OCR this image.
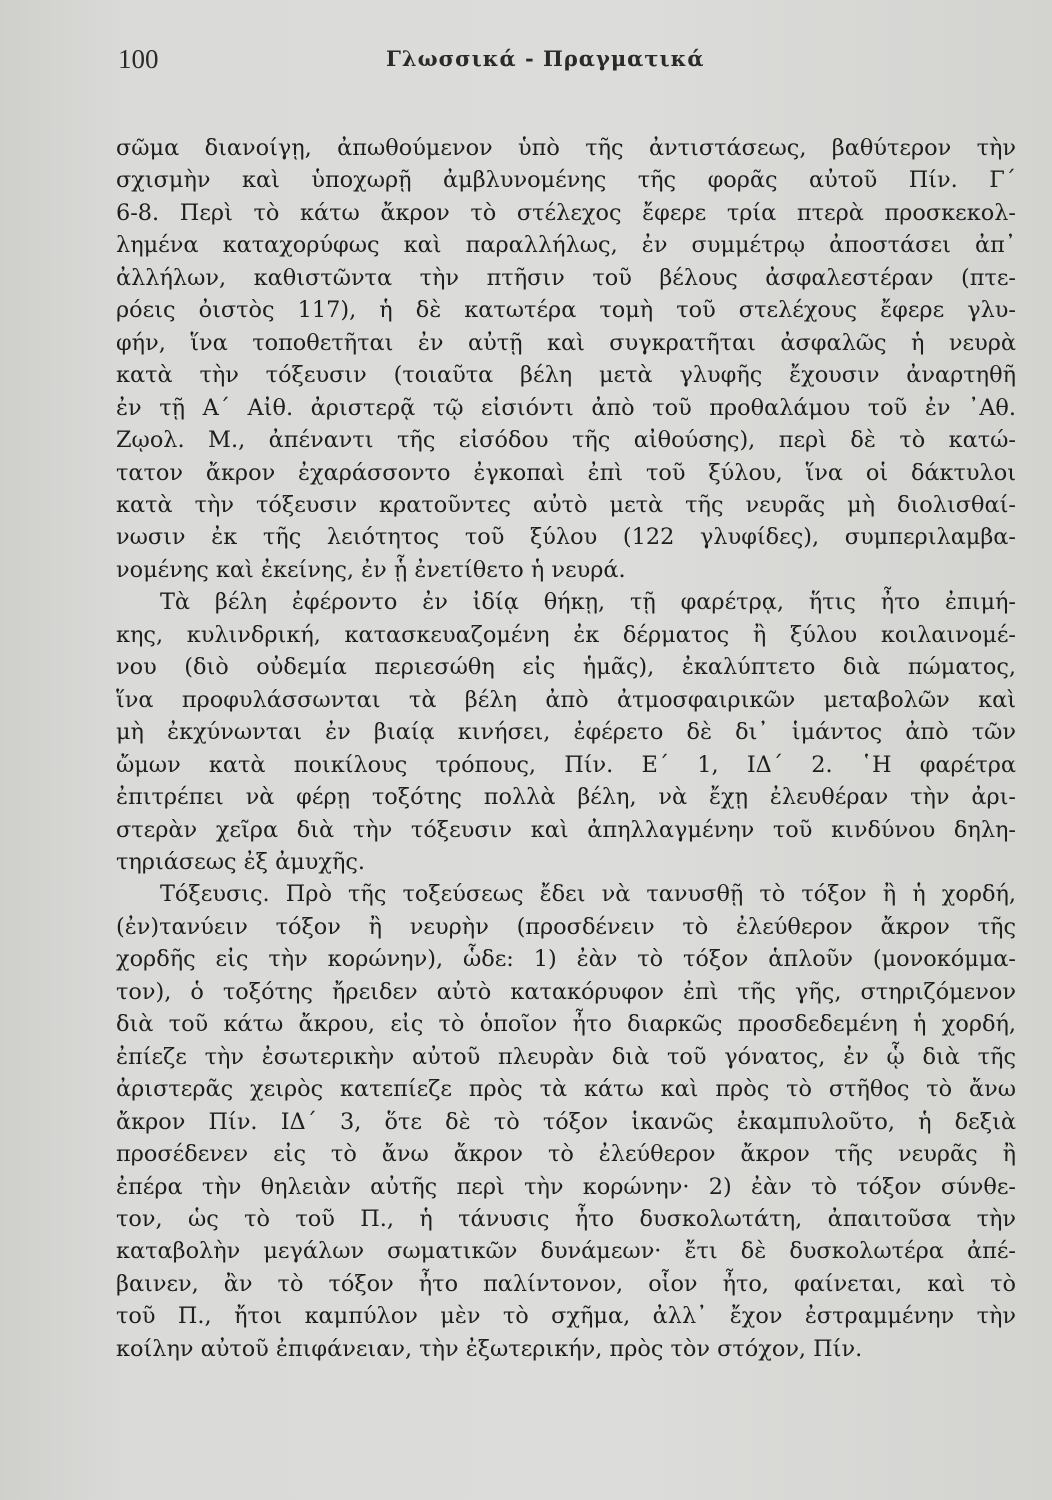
100	Γλωσσικά - Πραγματικά
σῶμα διανοίγῃ, ἀπωθούμενον ὑπὸ τῆς ἀντιστάσεως, βαθύτερον τὴν
σχισμὴν καὶ ὑποχωρῇ ἀμβλυνομένης τῆς φορᾶς αὐτοῦ Πίν. Γ΄
6-8. Περὶ τὸ κάτω ἄκρον τὸ στέλεχος ἔφερε τρία πτερὰ προσκεκολ-
λημένα καταχορύφως καὶ παραλλήλως, ἐν συμμέτρῳ ἀποστάσει ἀπ᾽
ἀλλήλων, καθιστῶντα τὴν πτῆσιν τοῦ βέλους ἀσφαλεστέραν (πτε-
ρόεις ὀιστὸς 117), ἡ δὲ κατωτέρα τομὴ τοῦ στελέχους ἔφερε γλυ-
φήν, ἵνα τοποθετῆται ἐν αὐτῇ καὶ συγκρατῆται ἀσφαλῶς ἡ νευρὰ
κατὰ τὴν τόξευσιν (τοιαῦτα βέλη μετὰ γλυφῆς ἔχουσιν ἀναρτηθῆ
ἐν τῇ Α΄ Αἰθ. ἀριστερᾷ τῷ εἰσιόντι ἀπὸ τοῦ προθαλάμου τοῦ ἐν ᾽Αθ.
Ζῳολ. Μ., ἀπέναντι τῆς εἰσόδου τῆς αἰθούσης), περὶ δὲ τὸ κατώ-
τατον ἄκρον ἐχαράσσοντο ἐγκοπαὶ ἐπὶ τοῦ ξύλου, ἵνα οἱ δάκτυλοι
κατὰ τὴν τόξευσιν κρατοῦντες αὐτὸ μετὰ τῆς νευρᾶς μὴ διολισθαί-
νωσιν ἐκ τῆς λειότητος τοῦ ξύλου (122 γλυφίδες), συμπεριλαμβα-
νομένης καὶ ἐκείνης, ἐν ᾗ ἐνετίθετο ἡ νευρά.
Τὰ βέλη ἐφέροντο ἐν ἰδίᾳ θήκῃ, τῇ φαρέτρᾳ, ἥτις ἦτο ἐπιμή-
κης, κυλινδρική, κατασκευαζομένη ἐκ δέρματος ἢ ξύλου κοιλαινομέ-
νου (διὸ οὐδεμία περιεσώθη εἰς ἡμᾶς), ἐκαλύπτετο διὰ πώματος,
ἵνα προφυλάσσωνται τὰ βέλη ἀπὸ ἀτμοσφαιρικῶν μεταβολῶν καὶ
μὴ ἐκχύνωνται ἐν βιαίᾳ κινήσει, ἐφέρετο δὲ δι᾽ ἱμάντος ἀπὸ τῶν
ὤμων κατὰ ποικίλους τρόπους, Πίν. Ε΄ 1, ΙΔ΄ 2. ῾Η φαρέτρα
ἐπιτρέπει νὰ φέρῃ τοξότης πολλὰ βέλη, νὰ ἔχῃ ἐλευθέραν τὴν ἀρι-
στερὰν χεῖρα διὰ τὴν τόξευσιν καὶ ἀπηλλαγμένην τοῦ κινδύνου δηλη-
τηριάσεως ἐξ ἀμυχῆς.
Τόξευσις. Πρὸ τῆς τοξεύσεως ἔδει νὰ τανυσθῇ τὸ τόξον ἢ ἡ χορδή,
(ἐν)τανύειν τόξον ἢ νευρὴν (προσδένειν τὸ ἐλεύθερον ἄκρον τῆς
χορδῆς εἰς τὴν κορώνην), ὧδε: 1) ἐὰν τὸ τόξον ἁπλοῦν (μονοκόμμα-
τον), ὁ τοξότης ἤρειδεν αὐτὸ κατακόρυφον ἐπὶ τῆς γῆς, στηριζόμενον
διὰ τοῦ κάτω ἄκρου, εἰς τὸ ὁποῖον ἦτο διαρκῶς προσδεδεμένη ἡ χορδή,
ἐπίεζε τὴν ἐσωτερικὴν αὐτοῦ πλευρὰν διὰ τοῦ γόνατος, ἐν ᾧ διὰ τῆς
ἀριστερᾶς χειρὸς κατεπίεζε πρὸς τὰ κάτω καὶ πρὸς τὸ στῆθος τὸ ἄνω
ἄκρον Πίν. ΙΔ΄ 3, ὅτε δὲ τὸ τόξον ἱκανῶς ἐκαμπυλοῦτο, ἡ δεξιὰ
προσέδενεν εἰς τὸ ἄνω ἄκρον τὸ ἐλεύθερον ἄκρον τῆς νευρᾶς ἢ
ἐπέρα τὴν θηλειὰν αὐτῆς περὶ τὴν κορώνην· 2) ἐὰν τὸ τόξον σύνθε-
τον, ὡς τὸ τοῦ Π., ἡ τάνυσις ἦτο δυσκολωτάτη, ἀπαιτοῦσα τὴν
καταβολὴν μεγάλων σωματικῶν δυνάμεων· ἔτι δὲ δυσκολωτέρα ἀπέ-
βαινεν, ἂν τὸ τόξον ἦτο παλίντονον, οἷον ἦτο, φαίνεται, καὶ τὸ
τοῦ Π., ἤτοι καμπύλον μὲν τὸ σχῆμα, ἀλλ᾽ ἔχον ἐστραμμένην τὴν
κοίλην αὐτοῦ ἐπιφάνειαν, τὴν ἐξωτερικήν, πρὸς τὸν στόχον, Πίν.
